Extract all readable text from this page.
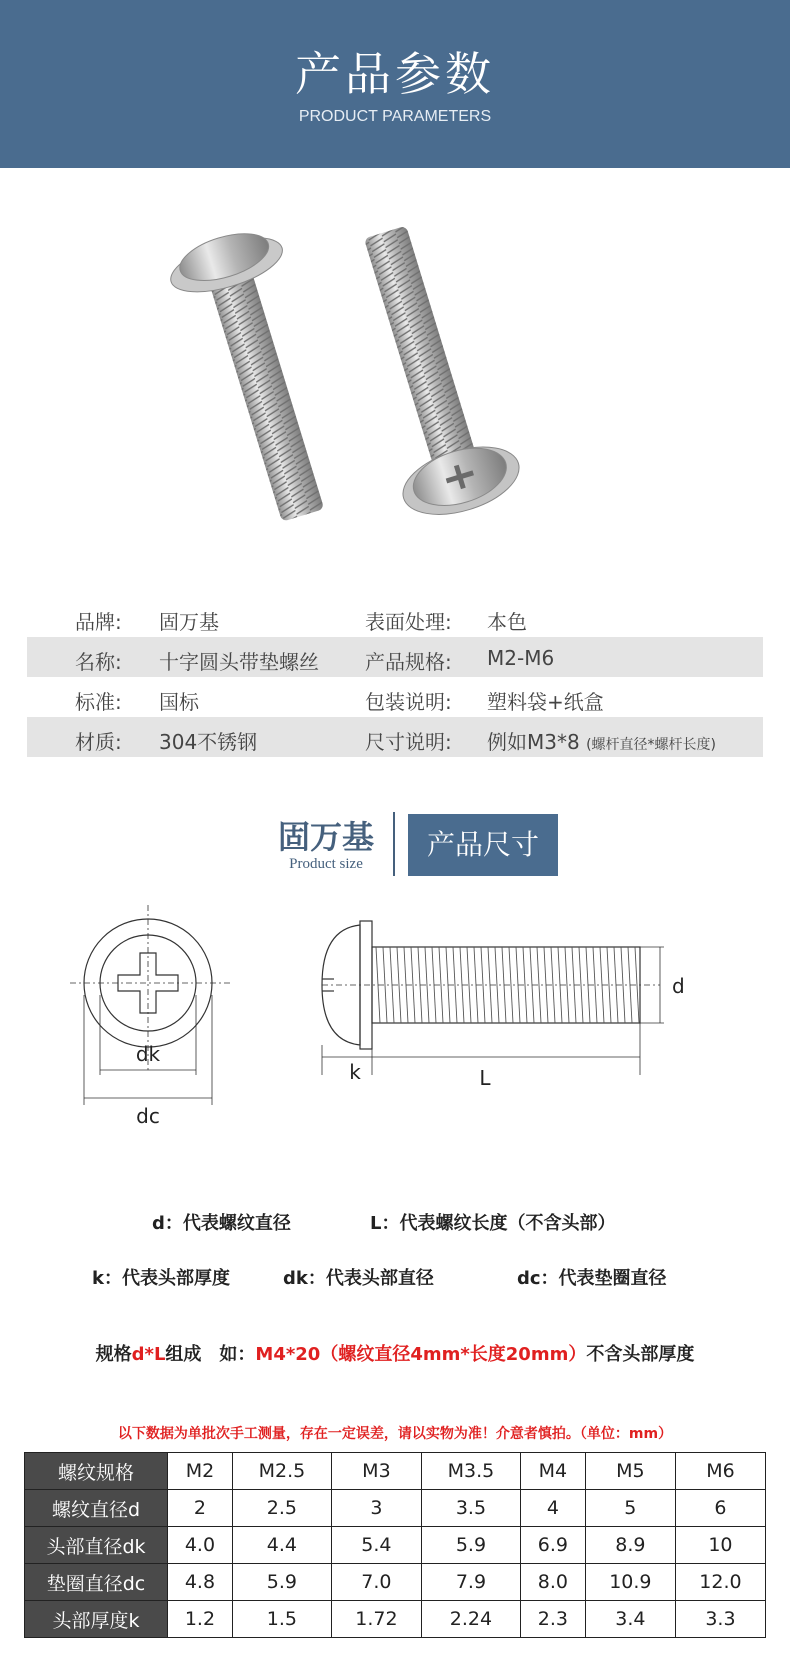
产品参数
PRODUCT PARAMETERS
品牌: 固万基	表面处理: 本色
名称: 十字圆头带垫螺丝 产品规格: M2-M6
标准: 国标	包装说明: 塑料袋+纸盒
材质: 304不锈钢	尺寸说明: 例如M3*8 (螺杆直径*螺杆长度)
固万基
Product size
产品尺寸
dk
dc
d
k	L
d：代表螺纹直径	L：代表螺纹长度（不含头部）
k：代表头部厚度	dk：代表头部直径	dc：代表垫圈直径
规格d*L组成　如：M4*20（螺纹直径4mm*长度20mm）不含头部厚度
以下数据为单批次手工测量，存在一定误差，请以实物为准！介意者慎拍。（单位：mm）
螺纹规格	M2	M2.5	M3	M3.5	M4	M5	M6
螺纹直径d	2	2.5	3	3.5	4	5	6
头部直径dk	4.0	4.4	5.4	5.9	6.9	8.9	10
垫圈直径dc	4.8	5.9	7.0	7.9	8.0	10.9	12.0
头部厚度k	1.2	1.5	1.72	2.24	2.3	3.4	3.3
